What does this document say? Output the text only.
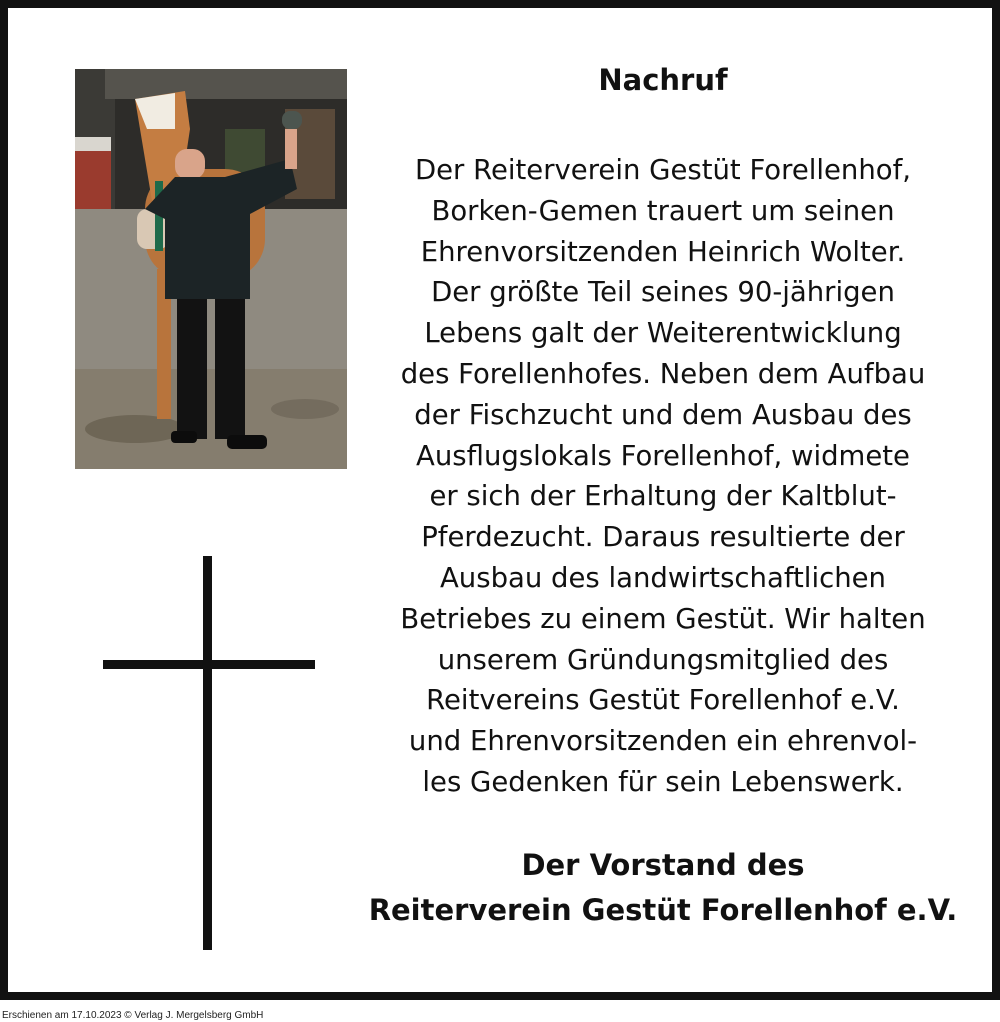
Nachruf
Der Reiterverein Gestüt Forellenhof,
Borken-Gemen trauert um seinen
Ehrenvorsitzenden Heinrich Wolter.
Der größte Teil seines 90-jährigen
Lebens galt der Weiterentwicklung
des Forellenhofes. Neben dem Aufbau
der Fischzucht und dem Ausbau des
Ausflugslokals Forellenhof, widmete
er sich der Erhaltung der Kaltblut-
Pferdezucht. Daraus resultierte der
Ausbau des landwirtschaftlichen
Betriebes zu einem Gestüt. Wir halten
unserem Gründungsmitglied des
Reitvereins Gestüt Forellenhof e.V.
und Ehrenvorsitzenden ein ehrenvol-
les Gedenken für sein Lebenswerk.
Der Vorstand des
Reiterverein Gestüt Forellenhof e.V.
Erschienen am 17.10.2023 © Verlag J. Mergelsberg GmbH
